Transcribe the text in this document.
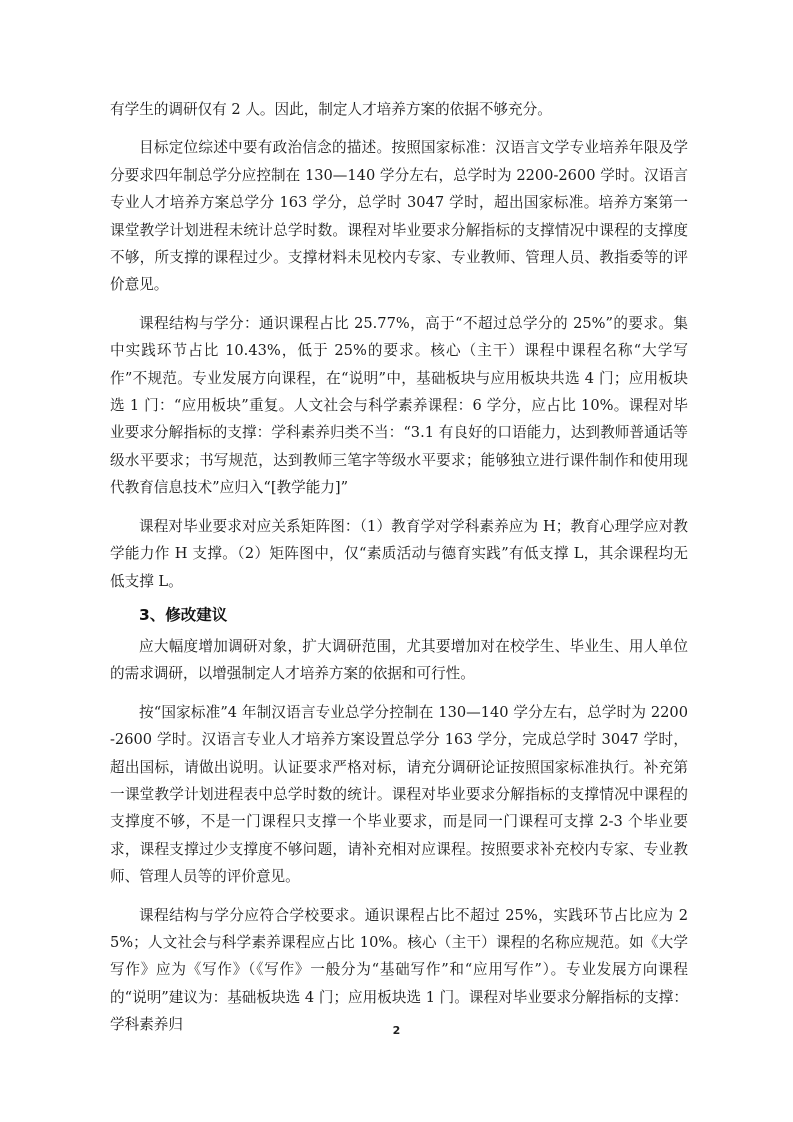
有学生的调研仅有 2 人。因此，制定人才培养方案的依据不够充分。

目标定位综述中要有政治信念的描述。按照国家标准：汉语言文学专业培养年限及学分要求四年制总学分应控制在 130—140 学分左右，总学时为 2200-2600 学时。汉语言专业人才培养方案总学分 163 学分，总学时 3047 学时，超出国家标准。培养方案第一课堂教学计划进程未统计总学时数。课程对毕业要求分解指标的支撑情况中课程的支撑度不够，所支撑的课程过少。支撑材料未见校内专家、专业教师、管理人员、教指委等的评价意见。

课程结构与学分：通识课程占比 25.77%，高于“不超过总学分的 25%”的要求。集中实践环节占比 10.43%，低于 25%的要求。核心（主干）课程中课程名称“大学写作”不规范。专业发展方向课程，在“说明”中，基础板块与应用板块共选 4 门；应用板块选 1 门：“应用板块”重复。人文社会与科学素养课程：6 学分，应占比 10%。课程对毕业要求分解指标的支撑：学科素养归类不当：“3.1 有良好的口语能力，达到教师普通话等级水平要求；书写规范，达到教师三笔字等级水平要求；能够独立进行课件制作和使用现代教育信息技术”应归入“[教学能力]”

课程对毕业要求对应关系矩阵图：（1）教育学对学科素养应为 H；教育心理学应对教学能力作 H 支撑。（2）矩阵图中，仅“素质活动与德育实践”有低支撑 L，其余课程均无低支撑 L。

3、修改建议

应大幅度增加调研对象，扩大调研范围，尤其要增加对在校学生、毕业生、用人单位的需求调研，以增强制定人才培养方案的依据和可行性。

按“国家标准”4 年制汉语言专业总学分控制在 130—140 学分左右，总学时为 2200-2600 学时。汉语言专业人才培养方案设置总学分 163 学分，完成总学时 3047 学时，超出国标，请做出说明。认证要求严格对标，请充分调研论证按照国家标准执行。补充第一课堂教学计划进程表中总学时数的统计。课程对毕业要求分解指标的支撑情况中课程的支撑度不够，不是一门课程只支撑一个毕业要求，而是同一门课程可支撑 2-3 个毕业要求，课程支撑过少支撑度不够问题，请补充相对应课程。按照要求补充校内专家、专业教师、管理人员等的评价意见。

课程结构与学分应符合学校要求。通识课程占比不超过 25%，实践环节占比应为 25%；人文社会与科学素养课程应占比 10%。核心（主干）课程的名称应规范。如《大学写作》应为《写作》（《写作》一般分为“基础写作”和“应用写作”）。专业发展方向课程的“说明”建议为：基础板块选 4 门；应用板块选 1 门。课程对毕业要求分解指标的支撑：学科素养归	2
